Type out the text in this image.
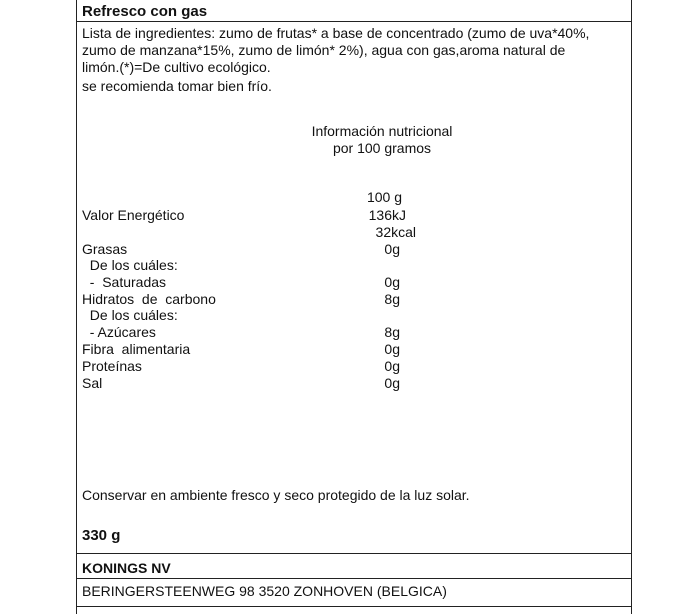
Refresco con gas
Lista de ingredientes: zumo de frutas* a base de concentrado (zumo de uva*40%,
zumo de manzana*15%, zumo de limón* 2%), agua con gas,aroma natural de
limón.(*)=De cultivo ecológico.
se recomienda tomar bien frío.
Información nutricional
por 100 gramos
100 g
Valor Energético	136kJ
32kcal
Grasas	0g
De los cuáles:
-  Saturadas	0g
Hidratos  de  carbono	8g
De los cuáles:
- Azúcares	8g
Fibra  alimentaria	0g
Proteínas	0g
Sal	0g
Conservar en ambiente fresco y seco protegido de la luz solar.
330 g
KONINGS NV
BERINGERSTEENWEG 98 3520 ZONHOVEN (BELGICA)
